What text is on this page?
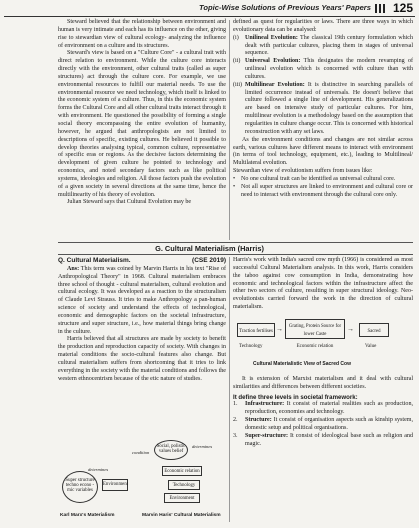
Topic-Wise Solutions of Previous Years' Papers 125

Steward believed that the relationship between environment and human is very intimate and each has its influence on the other, giving rise to stewardian view of cultural ecology- analyzing the influence of environment on a culture and its structures.

Steward's view is based on a "Culture Core" - a cultural trait with direct relation to environment. While the culture core interacts directly with the environment, other cultural traits (called as super structures) act through the culture core. For example, we use environmental resources to fulfill our material needs. To use the environmental resource we need technology, which itself is linked to the economic system of a culture. Thus, in this the economic system forms the Cultural Core and all other cultural traits interact through it with environment. He questioned the possibility of forming a single social theory encompassing the entire evolution of humanity, however, he argued that anthropologists are not limited to descriptions of specific, existing cultures. He believed it possible to develop theories analysing typical, common culture, representative of specific eras or regions. As the decisive factors determining the development of given culture he pointed to technology and economics, and noted secondary factors such as like political systems, ideologies and religion. All those factors push the evolution of a given society in several directions at the same time, hence the multilinearity of his theory of evolution.

Julian Steward says that Cultural Evolution may be

defined as quest for regularities or laws. There are three ways in which evolutionary data can be analysed:

(i)	Unilineal Evolution: The classical 19th century formulation which dealt with particular cultures, placing them in stages of universal sequence.
(ii) Universal Evolution: This designates the modern revamping of unilineal evolution which is concerned with culture than with cultures.
(iii) Multilinear Evolution: It is distinctive in searching parallels of limited occurrence instead of universals. He doesn't believe that culture followed a single line of development. His generalizations are based on intensive study of particular cultures. For him, multilinear evolution is a methodology based on the assumption that regularities in culture change occur. This is concerned with historical reconstruction with any set laws.

As the environment conditions and changes are not similar across earth, various cultures have different means to interact with environment (in terms of tool technology, equipment, etc.), leading to Multilineal/ Multilateral evolution.

Stewardian view of evolutionism suffers from issues like:

• No one cultural trait can be identified as universal cultural core.
• Not all super structures are linked to environment and cultural core or need to interact with environment through the cultural core only.
G. Cultural Materialism (Harris)
Q. Cultural Materialism.	(CSE 2019)

Ans: This term was coined by Marvin Harris in his text "Rise of Anthropological Theory" in 1968. Cultural materialism embraces three school of thought - cultural materialism, cultural evolution and cultural ecology. It was developed as a reaction to the structuralism of Claude Levi Strauss. It tries to make Anthropology a pan-human science of society and understand the effects of technological, economic and demographic factors on the societal infrastructure, structure and super structure, i.e., how material things bring change in the culture.

Harris believed that all structures are made by society to benefit the production and reproduction capacity of society. With changes in material conditions the socio-cultural features also change. But cultural materialism suffers from shortcoming that it tries to link everything in the society with the material conditions and follows the western ethnocentrism because of the etic nature of studies.

Super structure techno econo -mic variables
Environment
determines
Karl Marx's Materialism
Social, polistic values belief
Economic relation
Technology
Environment
determines
condition
Marvin Haris' Cultural Materialism

Harris's work with India's sacred cow myth (1966) is considered as most successful Cultural Materialism analysis. In this work, Harris considers the taboo against cow consumption in India, demonstrating how economic and technological factors within the infrastructure affect the other two sectors of culture, resulting in super structural ideology. Neo-evolutionists carried forward the work in the direction of cultural materialism.

Traction fertilises →	Grating, Protein Source for lower Caste
→	Sacred
Technology	Economic relation	Value
Cultural Materialistic View of Sacred Cow

It is extension of Marxist materialism and it deal with cultural similarities and differences between different societies.

It define three levels in societal framework:
1.	Infrastructure: It consist of material realities such as production, reproduction, economies and technology.
2.	Structure: It consist of organisation aspects such as kinship system, domestic setup and political organisations.
3.	Super-structure: It consist of ideological base such as religion and magic.
